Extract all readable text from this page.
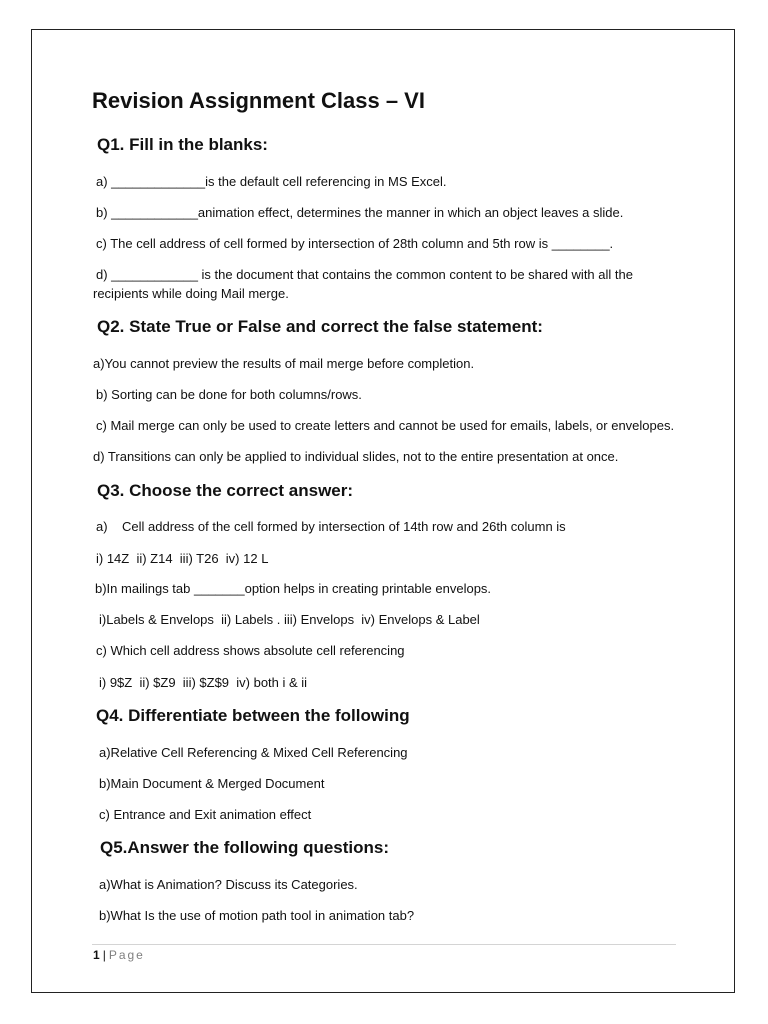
Revision Assignment Class – VI
Q1. Fill in the blanks:
a) _____________is the default cell referencing in MS Excel.
b) ____________animation effect, determines the manner in which an object leaves a slide.
c) The cell address of cell formed by intersection of 28th column and 5th row is ________.
d) ____________ is the document that contains the common content to be shared with all the recipients while doing Mail merge.
Q2. State True or False and correct the false statement:
a)You cannot preview the results of mail merge before completion.
b) Sorting can be done for both columns/rows.
c) Mail merge can only be used to create letters and cannot be used for emails, labels, or envelopes.
d) Transitions can only be applied to individual slides, not to the entire presentation at once.
Q3. Choose the correct answer:
a)    Cell address of the cell formed by intersection of 14th row and 26th column is
i) 14Z  ii) Z14  iii) T26  iv) 12 L
b)In mailings tab _______option helps in creating printable envelops.
i)Labels & Envelops  ii) Labels . iii) Envelops  iv) Envelops & Label
c) Which cell address shows absolute cell referencing
i) 9$Z  ii) $Z9  iii) $Z$9  iv) both i & ii
Q4. Differentiate between the following
a)Relative Cell Referencing & Mixed Cell Referencing
b)Main Document & Merged Document
c) Entrance and Exit animation effect
Q5.Answer the following questions:
a)What is Animation? Discuss its Categories.
b)What Is the use of motion path tool in animation tab?
1 | Page
